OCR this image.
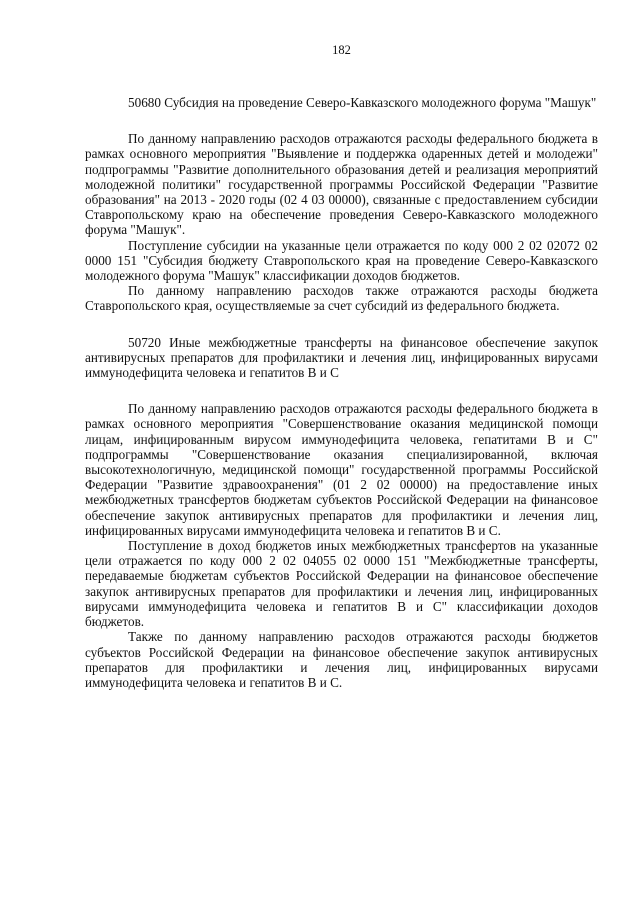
182

50680 Субсидия на проведение Северо-Кавказского молодежного форума "Машук"

По данному направлению расходов отражаются расходы федерального бюджета в рамках основного мероприятия "Выявление и поддержка одаренных детей и молодежи" подпрограммы "Развитие дополнительного образования детей и реализация мероприятий молодежной политики" государственной программы Российской Федерации "Развитие образования" на 2013 - 2020 годы (02 4 03 00000), связанные с предоставлением субсидии Ставропольскому краю на обеспечение проведения Северо-Кавказского молодежного форума "Машук".

Поступление субсидии на указанные цели отражается по коду 000 2 02 02072 02 0000 151 "Субсидия бюджету Ставропольского края на проведение Северо-Кавказского молодежного форума "Машук" классификации доходов бюджетов.

По данному направлению расходов также отражаются расходы бюджета Ставропольского края, осуществляемые за счет субсидий из федерального бюджета.

50720 Иные межбюджетные трансферты на финансовое обеспечение закупок антивирусных препаратов для профилактики и лечения лиц, инфицированных вирусами иммунодефицита человека и гепатитов B и C

По данному направлению расходов отражаются расходы федерального бюджета в рамках основного мероприятия "Совершенствование оказания медицинской помощи лицам, инфицированным вирусом иммунодефицита человека, гепатитами B и C" подпрограммы "Совершенствование оказания специализированной, включая высокотехнологичную, медицинской помощи" государственной программы Российской Федерации "Развитие здравоохранения" (01 2 02 00000) на предоставление иных межбюджетных трансфертов бюджетам субъектов Российской Федерации на финансовое обеспечение закупок антивирусных препаратов для профилактики и лечения лиц, инфицированных вирусами иммунодефицита человека и гепатитов B и C.

Поступление в доход бюджетов иных межбюджетных трансфертов на указанные цели отражается по коду 000 2 02 04055 02 0000 151 "Межбюджетные трансферты, передаваемые бюджетам субъектов Российской Федерации на финансовое обеспечение закупок антивирусных препаратов для профилактики и лечения лиц, инфицированных вирусами иммунодефицита человека и гепатитов B и C" классификации доходов бюджетов.

Также по данному направлению расходов отражаются расходы бюджетов субъектов Российской Федерации на финансовое обеспечение закупок антивирусных препаратов для профилактики и лечения лиц, инфицированных вирусами иммунодефицита человека и гепатитов B и C.
